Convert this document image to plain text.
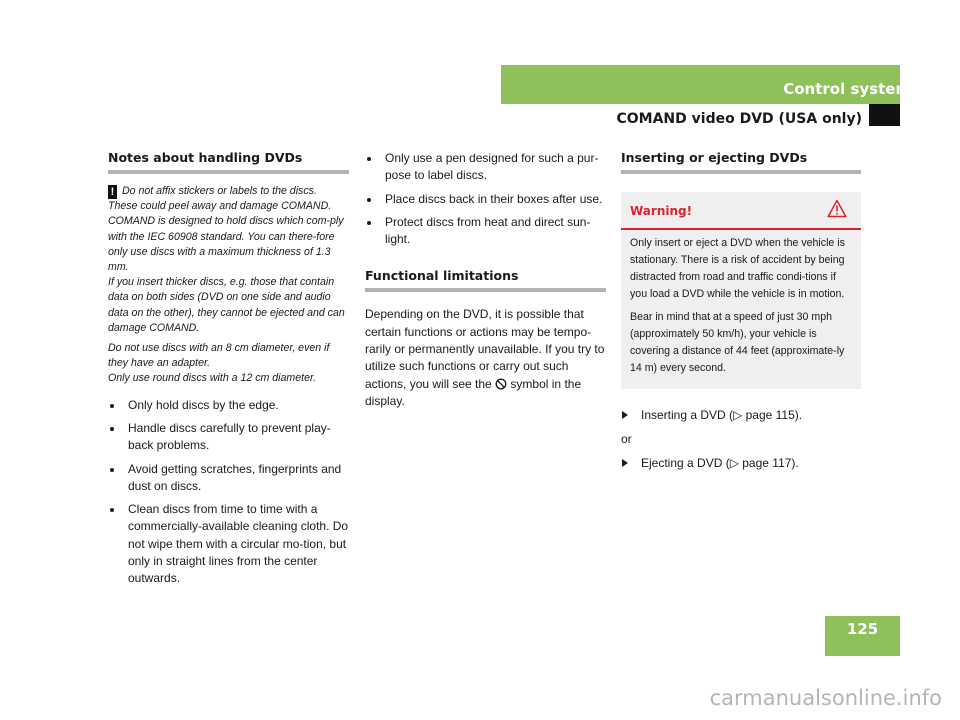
Control systems
COMAND video DVD (USA only)
Notes about handling DVDs

! Do not affix stickers or labels to the discs. These could peel away and damage COMAND. COMAND is designed to hold discs which com-ply with the IEC 60908 standard. You can there-fore only use discs with a maximum thickness of 1.3 mm.
If you insert thicker discs, e.g. those that contain data on both sides (DVD on one side and audio data on the other), they cannot be ejected and can damage COMAND.

Do not use discs with an 8 cm diameter, even if they have an adapter.
Only use round discs with a 12 cm diameter.

Only hold discs by the edge.
Handle discs carefully to prevent play-back problems.
Avoid getting scratches, fingerprints and dust on discs.
Clean discs from time to time with a commercially-available cleaning cloth. Do not wipe them with a circular mo-tion, but only in straight lines from the center outwards.
Only use a pen designed for such a pur-pose to label discs.
Place discs back in their boxes after use.
Protect discs from heat and direct sun-light.
Functional limitations

Depending on the DVD, it is possible that certain functions or actions may be tempo-rarily or permanently unavailable. If you try to utilize such functions or carry out such actions, you will see the symbol in the display.

Inserting or ejecting DVDs
Warning!

Only insert or eject a DVD when the vehicle is stationary. There is a risk of accident by being distracted from road and traffic condi-tions if you load a DVD while the vehicle is in motion.

Bear in mind that at a speed of just 30 mph (approximately 50 km/h), your vehicle is covering a distance of 44 feet (approximate-ly 14 m) every second.

Inserting a DVD (▷ page 115).
or
Ejecting a DVD (▷ page 117).
125
carmanualsonline.info
